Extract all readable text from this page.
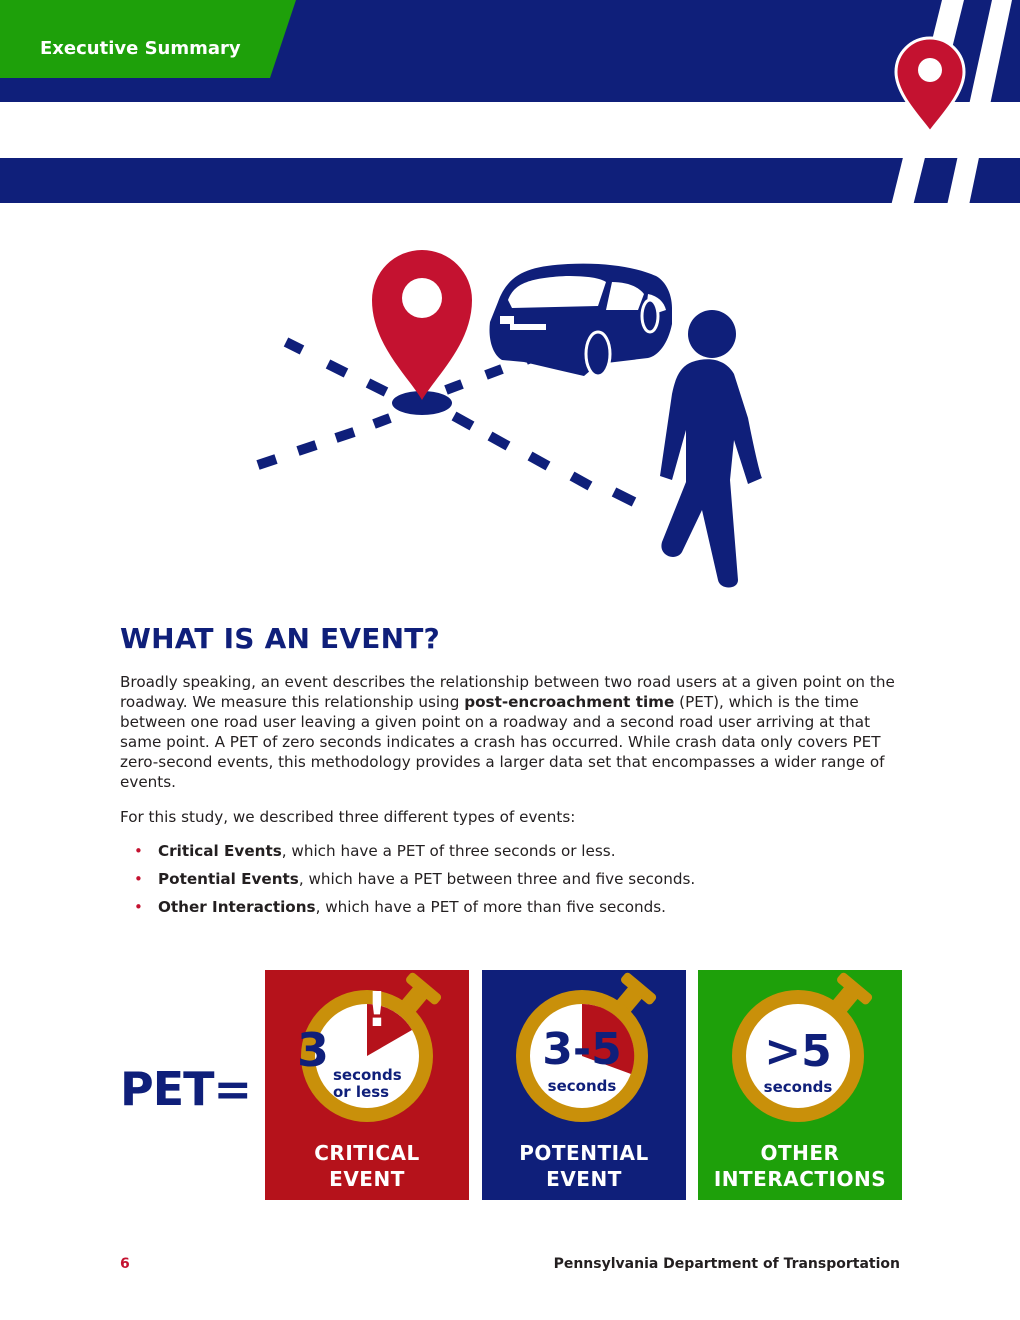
Executive Summary
WHAT IS AN EVENT?

Broadly speaking, an event describes the relationship between two road users at a given point on the roadway. We measure this relationship using post-encroachment time (PET), which is the time between one road user leaving a given point on a roadway and a second road user arriving at that same point. A PET of zero seconds indicates a crash has occurred. While crash data only covers PET zero-second events, this methodology provides a larger data set that encompasses a wider range of events.

For this study, we described three different types of events:

• Critical Events, which have a PET of three seconds or less.
• Potential Events, which have a PET between three and five seconds.
• Other Interactions, which have a PET of more than five seconds.
PET=
3
!
seconds
or less
CRITICAL
EVENT
3-5
seconds
POTENTIAL
EVENT
>5
seconds
OTHER
INTERACTIONS
6	Pennsylvania Department of Transportation
